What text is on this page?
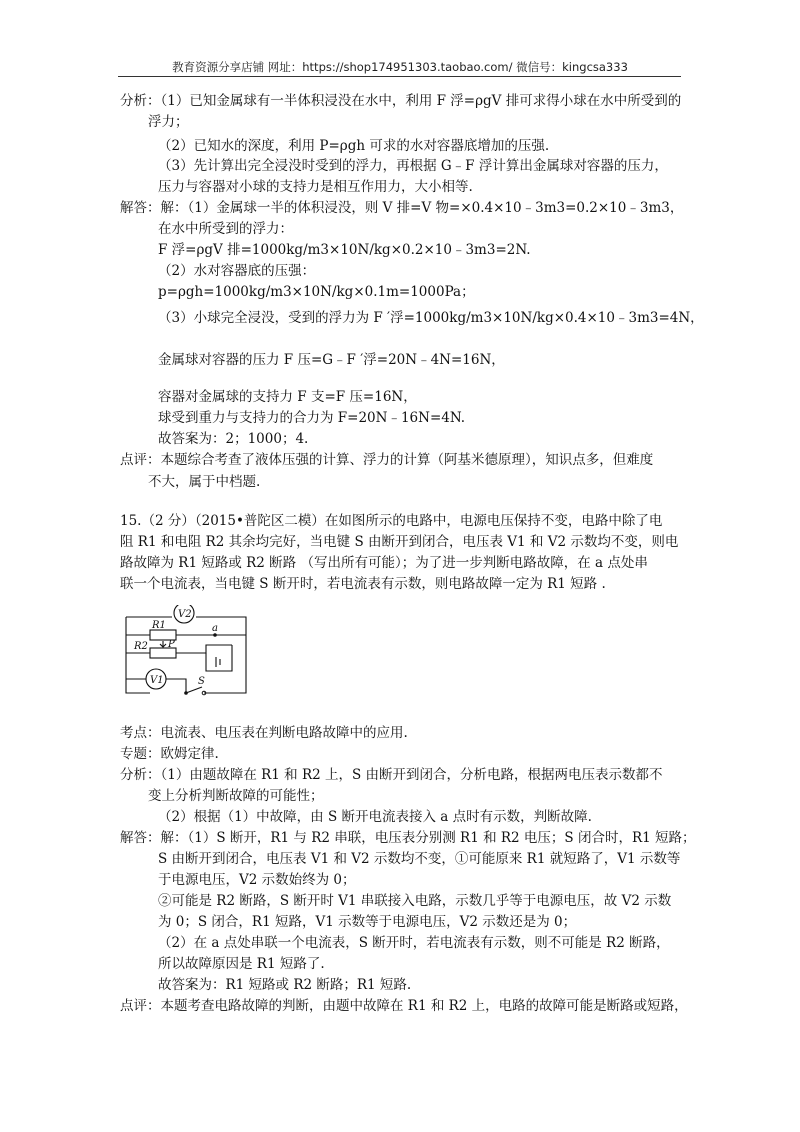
教育资源分享店铺 网址：https://shop174951303.taobao.com/ 微信号：kingcsa333
分析：（1）已知金属球有一半体积浸没在水中，利用 F 浮=ρgV 排可求得小球在水中所受到的
浮力；
（2）已知水的深度，利用 P=ρgh 可求的水对容器底增加的压强.
（3）先计算出完全浸没时受到的浮力，再根据 G﹣F 浮计算出金属球对容器的压力，
压力与容器对小球的支持力是相互作用力，大小相等.
解答：解：（1）金属球一半的体积浸没，则 V 排=V 物=×0.4×10﹣3m3=0.2×10﹣3m3，
在水中所受到的浮力：
F 浮=ρgV 排=1000kg/m3×10N/kg×0.2×10﹣3m3=2N.
（2）水对容器底的压强：
p=ρgh=1000kg/m3×10N/kg×0.1m=1000Pa；
（3）小球完全浸没，受到的浮力为 F ′浮=1000kg/m3×10N/kg×0.4×10﹣3m3=4N，
金属球对容器的压力 F 压=G﹣F ′浮=20N﹣4N=16N，
容器对金属球的支持力 F 支=F 压=16N，
球受到重力与支持力的合力为 F=20N﹣16N=4N.
故答案为：2；1000；4.
点评：本题综合考查了液体压强的计算、浮力的计算（阿基米德原理），知识点多，但难度
不大，属于中档题.
15.（2 分）（2015•普陀区二模）在如图所示的电路中，电源电压保持不变，电路中除了电
阻 R1 和电阻 R2 其余均完好，当电键 S 由断开到闭合，电压表 V1 和 V2 示数均不变，则电
路故障为 R1 短路或 R2 断路 （写出所有可能）；为了进一步判断电路故障，在 a 点处串
联一个电流表，当电键 S 断开时，若电流表有示数，则电路故障一定为 R1 短路 .
考点：电流表、电压表在判断电路故障中的应用.
专题：欧姆定律.
分析：（1）由题故障在 R1 和 R2 上，S 由断开到闭合，分析电路，根据两电压表示数都不
变上分析判断故障的可能性；
（2）根据（1）中故障，由 S 断开电流表接入 a 点时有示数，判断故障.
解答：解：（1）S 断开，R1 与 R2 串联，电压表分别测 R1 和 R2 电压；S 闭合时，R1 短路；
S 由断开到闭合，电压表 V1 和 V2 示数均不变，①可能原来 R1 就短路了，V1 示数等
于电源电压，V2 示数始终为 0；
②可能是 R2 断路，S 断开时 V1 串联接入电路，示数几乎等于电源电压，故 V2 示数
为 0；S 闭合，R1 短路，V1 示数等于电源电压，V2 示数还是为 0；
（2）在 a 点处串联一个电流表，S 断开时，若电流表有示数，则不可能是 R2 断路，
所以故障原因是 R1 短路了.
故答案为：R1 短路或 R2 断路；R1 短路.
点评：本题考查电路故障的判断，由题中故障在 R1 和 R2 上，电路的故障可能是断路或短路，
V2
V1
R1
R2 P
a
S
